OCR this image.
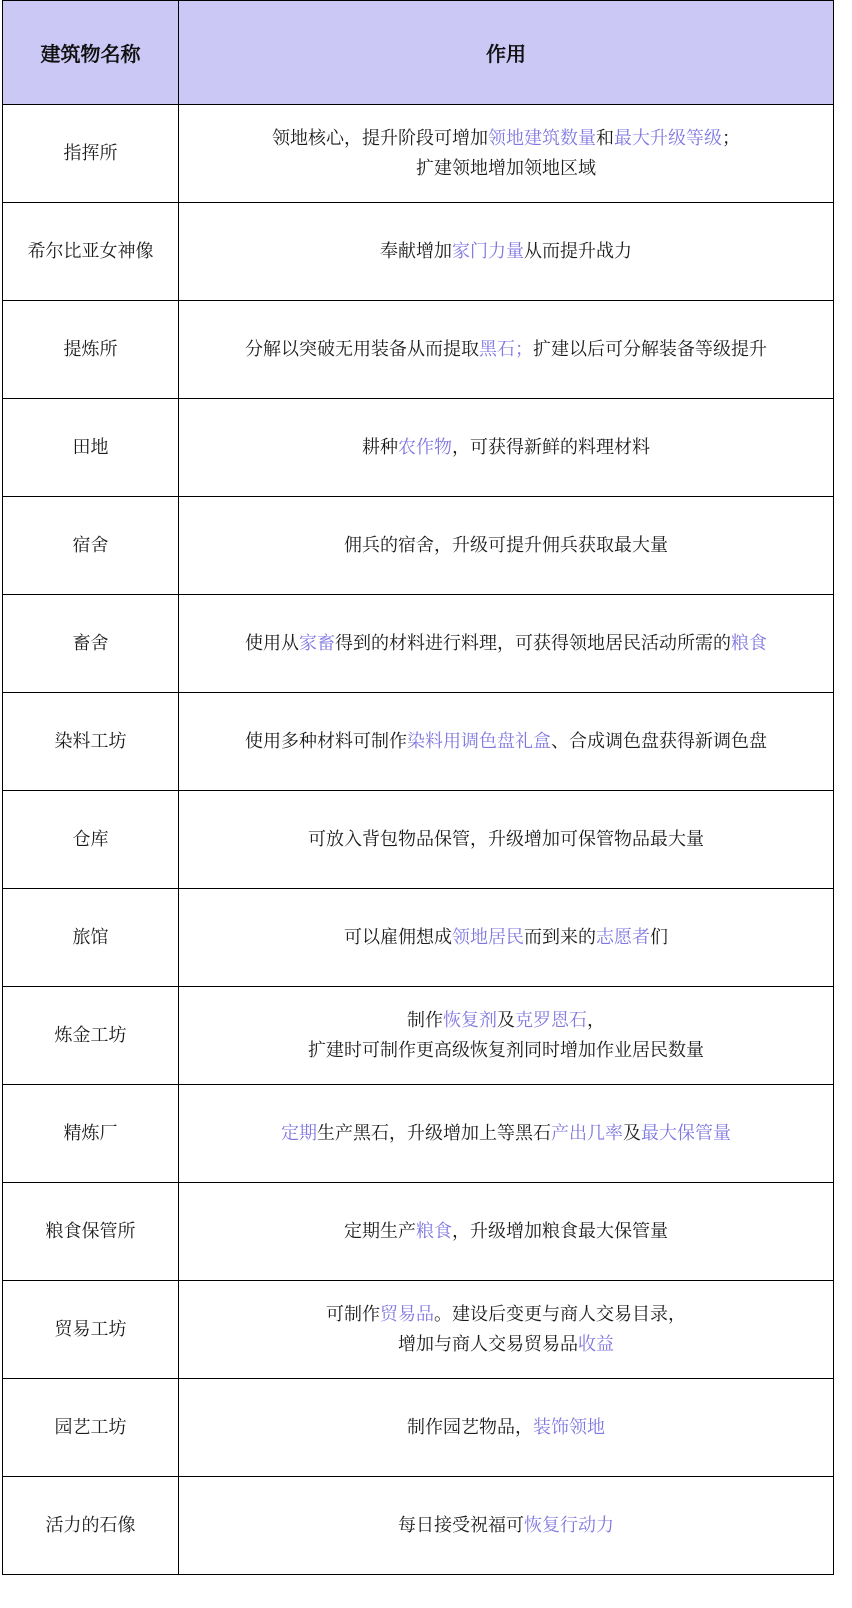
建筑物名称	作用
指挥所	领地核心，提升阶段可增加领地建筑数量和最大升级等级；
扩建领地增加领地区域

希尔比亚女神像	奉献增加家门力量从而提升战力

提炼所	分解以突破无用装备从而提取黑石；扩建以后可分解装备等级提升

田地	耕种农作物，可获得新鲜的料理材料

宿舍	佣兵的宿舍，升级可提升佣兵获取最大量

畜舍	使用从家畜得到的材料进行料理，可获得领地居民活动所需的粮食

染料工坊	使用多种材料可制作染料用调色盘礼盒、合成调色盘获得新调色盘

仓库	可放入背包物品保管，升级增加可保管物品最大量

旅馆	可以雇佣想成领地居民而到来的志愿者们

炼金工坊	制作恢复剂及克罗恩石，
扩建时可制作更高级恢复剂同时增加作业居民数量

精炼厂	定期生产黑石，升级增加上等黑石产出几率及最大保管量

粮食保管所	定期生产粮食，升级增加粮食最大保管量

贸易工坊	可制作贸易品。建设后变更与商人交易目录，
增加与商人交易贸易品收益

园艺工坊	制作园艺物品，装饰领地

活力的石像	每日接受祝福可恢复行动力
